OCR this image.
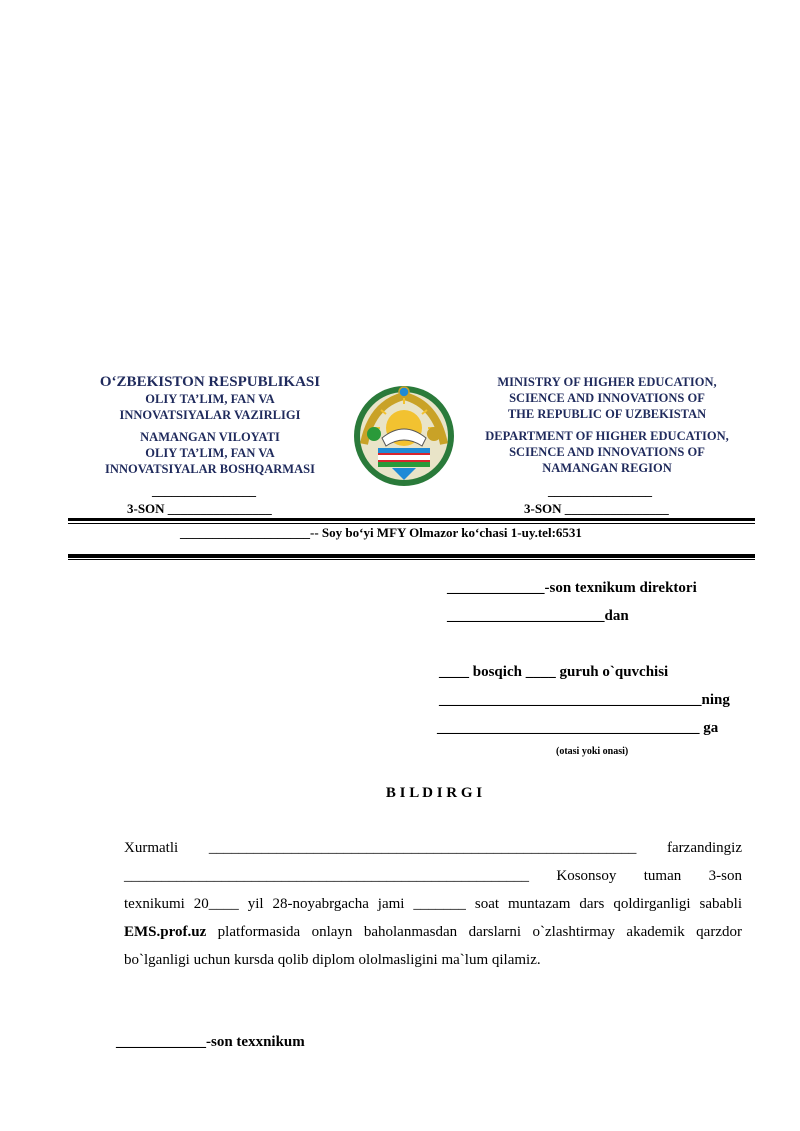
O‘ZBEKISTON RESPUBLIKASI
OLIY TA’LIM, FAN VA
INNOVATSIYALAR VAZIRLIGI
NAMANGAN VILOYATI
OLIY TA’LIM, FAN VA
INNOVATSIYALAR BOSHQARMASI
________________
3-SON ________________
MINISTRY OF HIGHER EDUCATION,
SCIENCE AND INNOVATIONS OF
THE REPUBLIC OF UZBEKISTAN
DEPARTMENT OF HIGHER EDUCATION,
SCIENCE AND INNOVATIONS OF
NAMANGAN REGION
________________
3-SON ________________
____________________-- Soy bo‘yi MFY Olmazor ko‘chasi 1-uy.tel:6531
_____________-son texnikum direktori
_____________________dan
____ bosqich ____ guruh o`quvchisi
___________________________________ning
___________________________________ ga
(otasi yoki onasi)
B I L D I R G I
Xurmatli _________________________________________________________ farzandingiz
______________________________________________________ Kosonsoy tuman 3-son
texnikumi 20____ yil 28-noyabrgacha jami _______ soat muntazam dars qoldirganligi sababli
EMS.prof.uz platformasida onlayn baholanmasdan darslarni o`zlashtirmay akademik qarzdor
bo`lganligi uchun kursda qolib diplom ololmasligini ma`lum qilamiz.
____________-son texxnikum
